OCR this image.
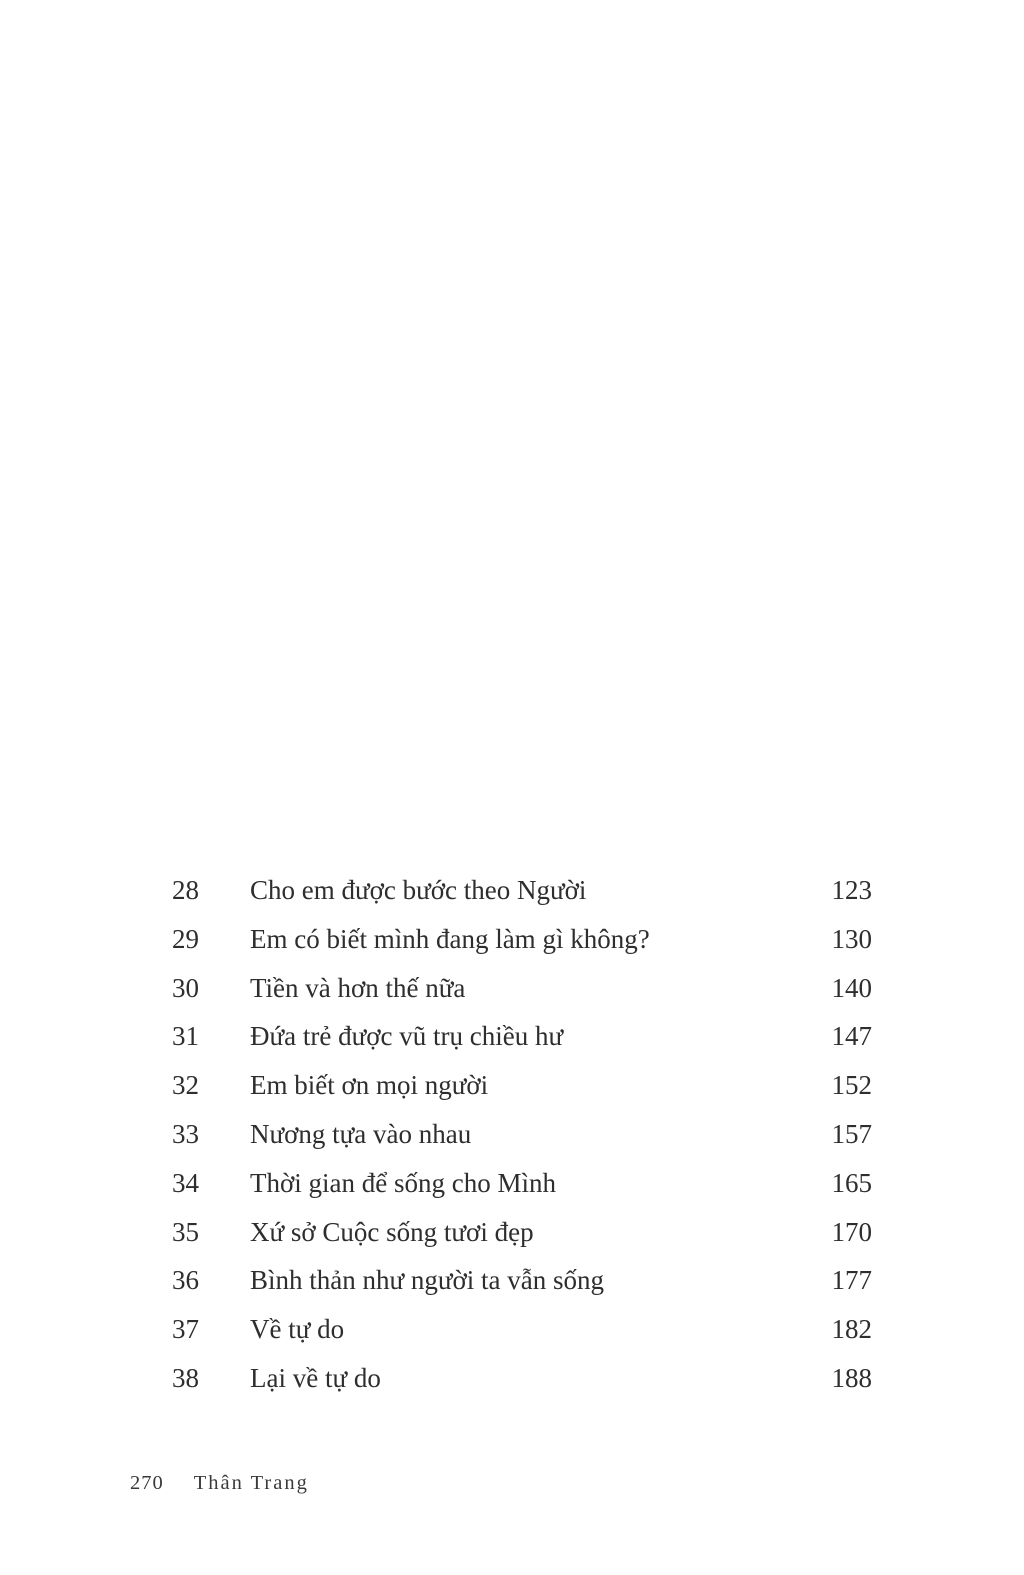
28	Cho em được bước theo Người	123
29	Em có biết mình đang làm gì không?	130
30	Tiền và hơn thế nữa	140
31	Đứa trẻ được vũ trụ chiều hư	147
32	Em biết ơn mọi người	152
33	Nương tựa vào nhau	157
34	Thời gian để sống cho Mình	165
35	Xứ sở Cuộc sống tươi đẹp	170
36	Bình thản như người ta vẫn sống	177
37	Về tự do	182
38	Lại về tự do	188
270 Thân Trang
